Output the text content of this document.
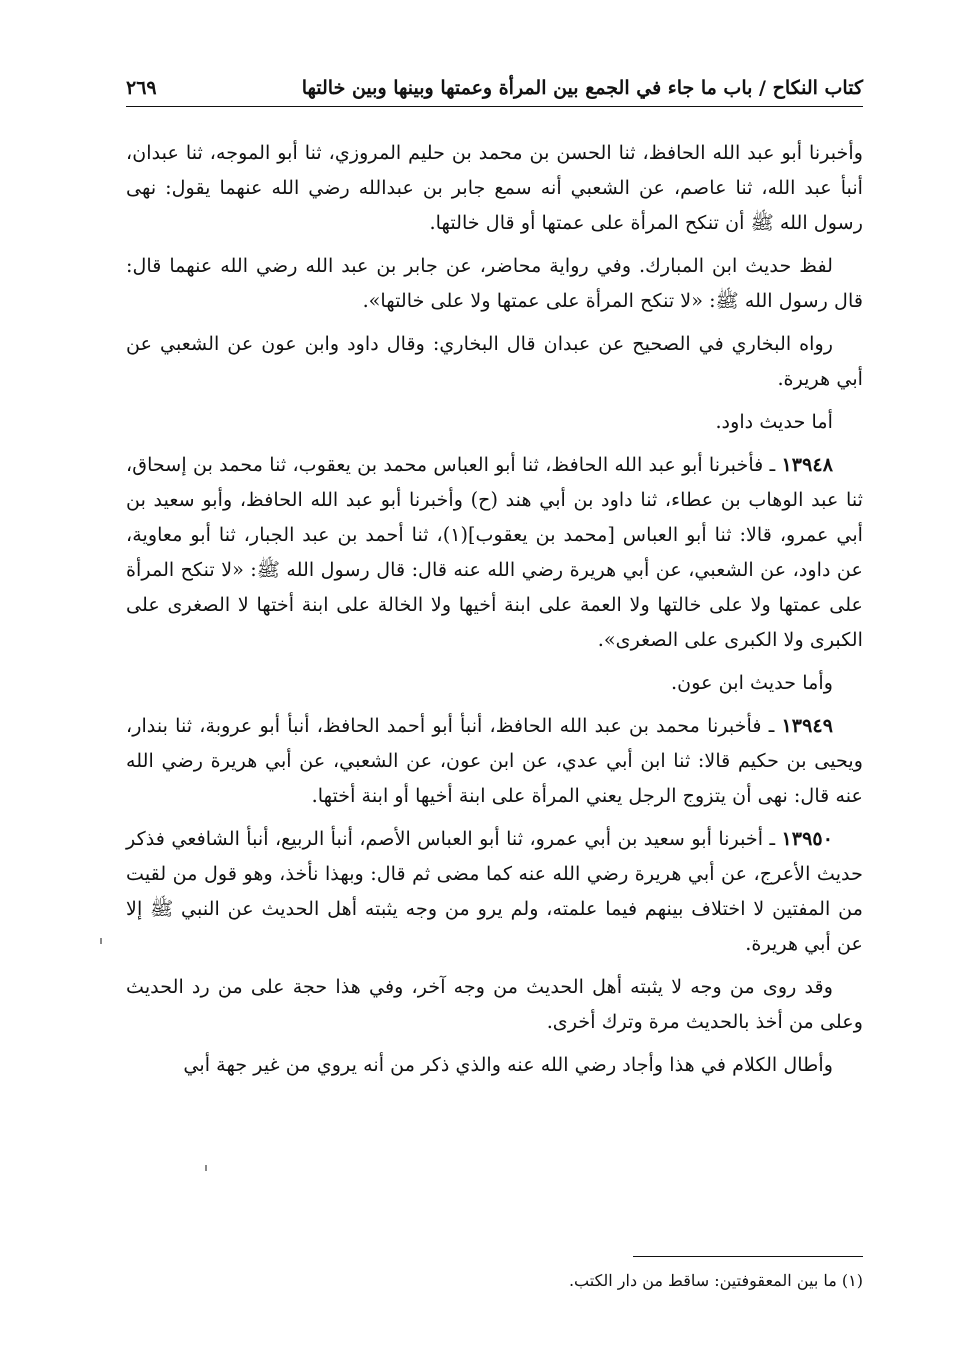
كتاب النكاح / باب ما جاء في الجمع بين المرأة وعمتها وبينها وبين خالتها
٢٦٩

وأخبرنا أبو عبد الله الحافظ، ثنا الحسن بن محمد بن حليم المروزي، ثنا أبو الموجه، ثنا عبدان، أنبأ عبد الله، ثنا عاصم، عن الشعبي أنه سمع جابر بن عبدالله رضي الله عنهما يقول: نهى رسول الله ﷺ أن تنكح المرأة على عمتها أو قال خالتها.

لفظ حديث ابن المبارك. وفي رواية محاضر، عن جابر بن عبد الله رضي الله عنهما قال: قال رسول الله ﷺ: «لا تنكح المرأة على عمتها ولا على خالتها».

رواه البخاري في الصحيح عن عبدان قال البخاري: وقال داود وابن عون عن الشعبي عن أبي هريرة.

أما حديث داود.

١٣٩٤٨ ـ فأخبرنا أبو عبد الله الحافظ، ثنا أبو العباس محمد بن يعقوب، ثنا محمد بن إسحاق، ثنا عبد الوهاب بن عطاء، ثنا داود بن أبي هند (ح) وأخبرنا أبو عبد الله الحافظ، وأبو سعيد بن أبي عمرو، قالا: ثنا أبو العباس [محمد بن يعقوب](١)، ثنا أحمد بن عبد الجبار، ثنا أبو معاوية، عن داود، عن الشعبي، عن أبي هريرة رضي الله عنه قال: قال رسول الله ﷺ: «لا تنكح المرأة على عمتها ولا على خالتها ولا العمة على ابنة أخيها ولا الخالة على ابنة أختها لا الصغرى على الكبرى ولا الكبرى على الصغرى».

وأما حديث ابن عون.

١٣٩٤٩ ـ فأخبرنا محمد بن عبد الله الحافظ، أنبأ أبو أحمد الحافظ، أنبأ أبو عروبة، ثنا بندار، ويحيى بن حكيم قالا: ثنا ابن أبي عدي، عن ابن عون، عن الشعبي، عن أبي هريرة رضي الله عنه قال: نهى أن يتزوج الرجل يعني المرأة على ابنة أخيها أو ابنة أختها.

١٣٩٥٠ ـ أخبرنا أبو سعيد بن أبي عمرو، ثنا أبو العباس الأصم، أنبأ الربيع، أنبأ الشافعي فذكر حديث الأعرج، عن أبي هريرة رضي الله عنه كما مضى ثم قال: وبهذا نأخذ، وهو قول من لقيت من المفتين لا اختلاف بينهم فيما علمته، ولم يرو من وجه يثبته أهل الحديث عن النبي ﷺ إلا عن أبي هريرة.

وقد روى من وجه لا يثبته أهل الحديث من وجه آخر، وفي هذا حجة على من رد الحديث وعلى من أخذ بالحديث مرة وترك أخرى.

وأطال الكلام في هذا وأجاد رضي الله عنه والذي ذكر من أنه يروي من غير جهة أبي

(١) ما بين المعقوفتين: ساقط من دار الكتب.
